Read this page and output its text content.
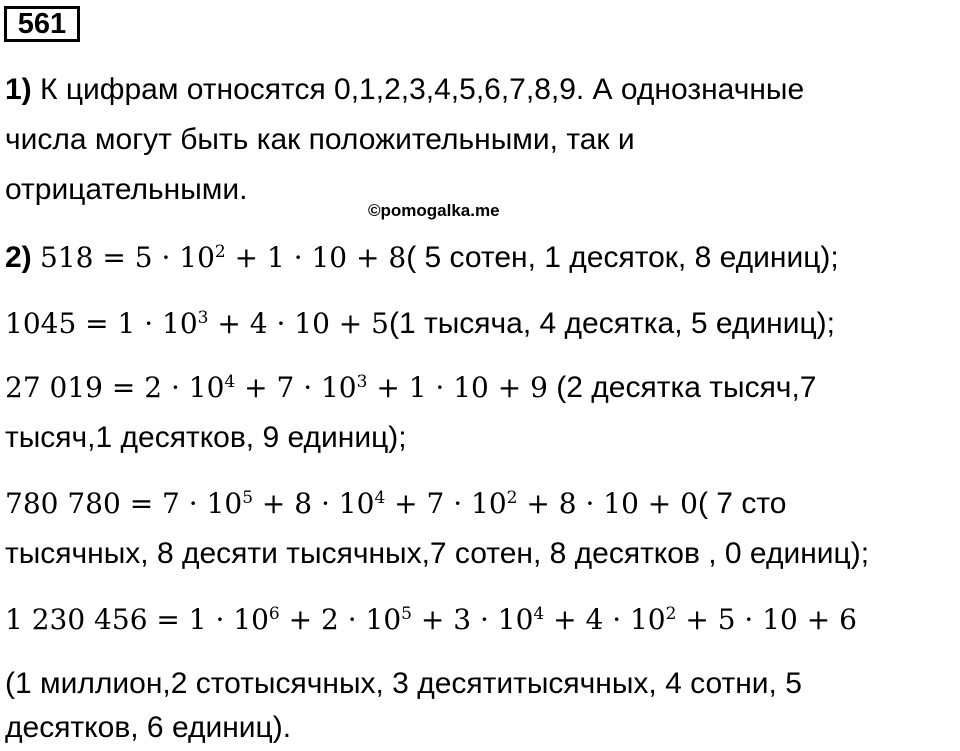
561
1) К цифрам относятся 0,1,2,3,4,5,6,7,8,9. А однозначные
числа могут быть как положительными, так и
отрицательными.
©pomogalka.me
2) $518 = 5 \cdot 10^2 + 1 \cdot 10 + 8$( 5 сотен, 1 десяток, 8 единиц);
$1045 = 1 \cdot 10^3 + 4 \cdot 10 + 5(1$ тысяча, 4 десятка, 5 единиц);
27 $019 = 2 \cdot 10^4 + 7 \cdot 10^3 + 1 \cdot 10 + 9$ (2 десятка тысяч,7
тысяч,1 десятков, 9 единиц);
780 $780 = 7 \cdot 10^5 + 8 \cdot 10^4 + 7 \cdot 10^2 + 8 \cdot 10 + 0$( 7 сто
тысячных, 8 десяти тысячных,7 сотен, 8 десятков , 0 единиц);
1 230 $456 = 1 \cdot 10^6 + 2 \cdot 10^5 + 3 \cdot 10^4 + 4 \cdot 10^2 + 5 \cdot 10 + 6$
(1 миллион,2 стотысячных, 3 десятитысячных, 4 сотни, 5
десятков, 6 единиц).
